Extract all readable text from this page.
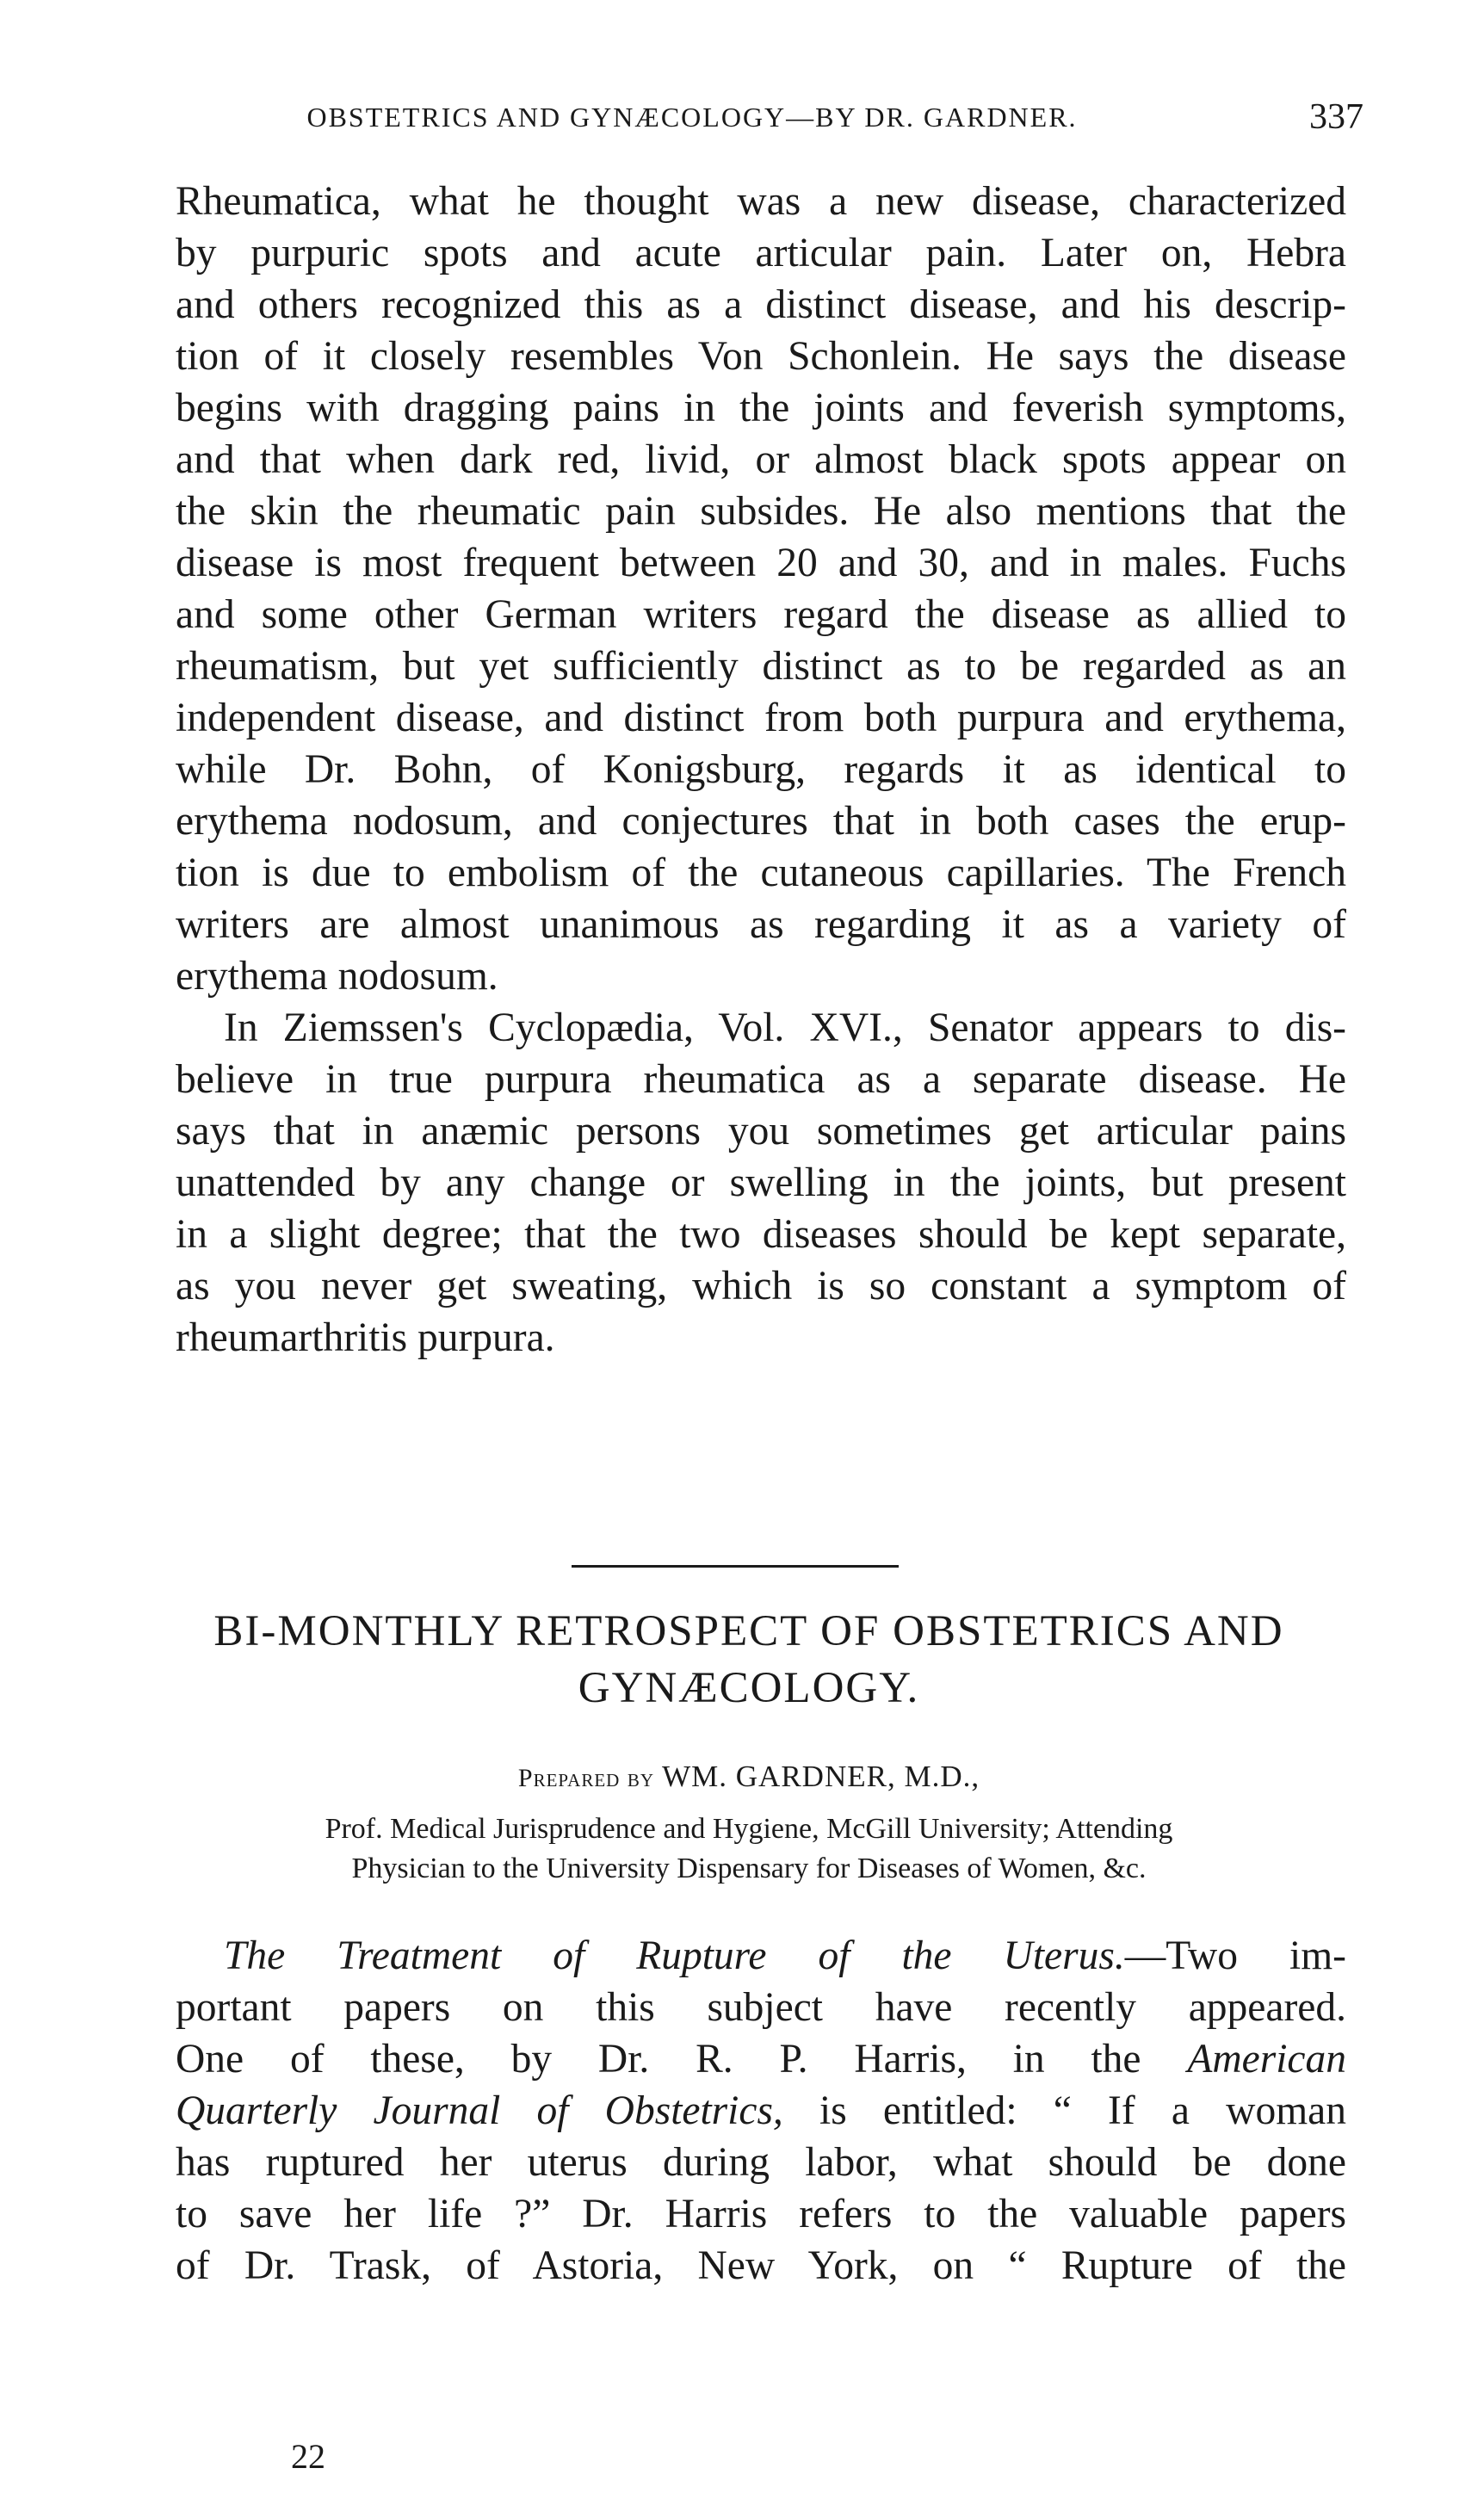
OBSTETRICS AND GYNÆCOLOGY—BY DR. GARDNER.	337
Rheumatica, what he thought was a new disease, characterized
by purpuric spots and acute articular pain. Later on, Hebra
and others recognized this as a distinct disease, and his descrip-
tion of it closely resembles Von Schonlein. He says the disease
begins with dragging pains in the joints and feverish symptoms,
and that when dark red, livid, or almost black spots appear on
the skin the rheumatic pain subsides. He also mentions that the
disease is most frequent between 20 and 30, and in males. Fuchs
and some other German writers regard the disease as allied to
rheumatism, but yet sufficiently distinct as to be regarded as an
independent disease, and distinct from both purpura and erythema,
while Dr. Bohn, of Konigsburg, regards it as identical to
erythema nodosum, and conjectures that in both cases the erup-
tion is due to embolism of the cutaneous capillaries. The French
writers are almost unanimous as regarding it as a variety of
erythema nodosum.
In Ziemssen's Cyclopædia, Vol. XVI., Senator appears to dis-
believe in true purpura rheumatica as a separate disease. He
says that in anæmic persons you sometimes get articular pains
unattended by any change or swelling in the joints, but present
in a slight degree; that the two diseases should be kept separate,
as you never get sweating, which is so constant a symptom of
rheumarthritis purpura.
BI-MONTHLY RETROSPECT OF OBSTETRICS AND
GYNÆCOLOGY.
Prepared by WM. GARDNER, M.D.,
Prof. Medical Jurisprudence and Hygiene, McGill University; Attending
Physician to the University Dispensary for Diseases of Women, &c.
The Treatment of Rupture of the Uterus.—Two im-
portant papers on this subject have recently appeared.
One of these, by Dr. R. P. Harris, in the American
Quarterly Journal of Obstetrics, is entitled: “ If a woman
has ruptured her uterus during labor, what should be done
to save her life ?” Dr. Harris refers to the valuable papers
of Dr. Trask, of Astoria, New York, on “ Rupture of the
22
